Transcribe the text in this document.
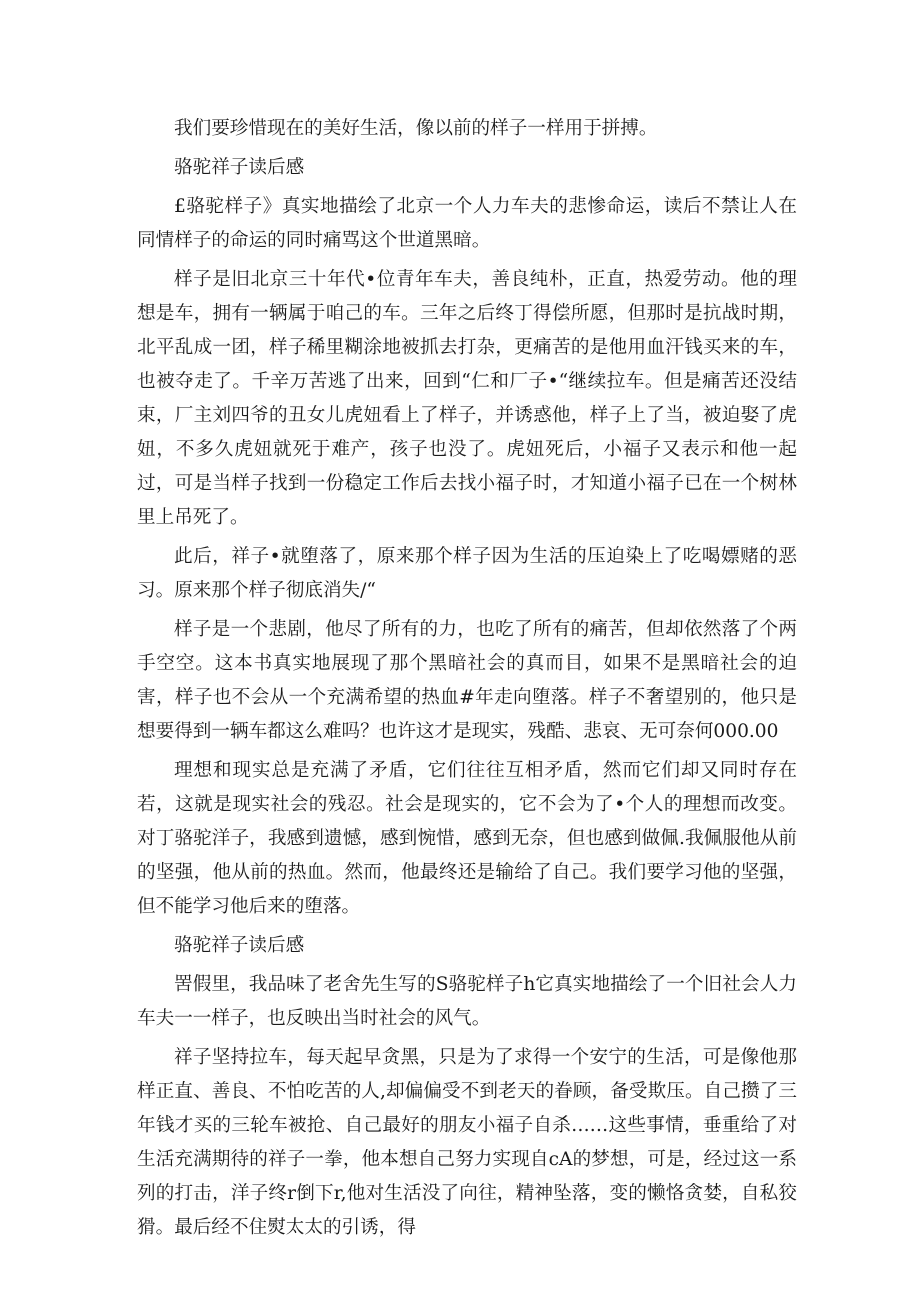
我们要珍惜现在的美好生活，像以前的样子一样用于拼搏。

骆驼祥子读后感

£骆驼样子》真实地描绘了北京一个人力车夫的悲惨命运，读后不禁让人在同情样子的命运的同时痛骂这个世道黑暗。

样子是旧北京三十年代•位青年车夫，善良纯朴，正直，热爱劳动。他的理想是车，拥有一辆属于咱己的车。三年之后终丁得偿所愿，但那时是抗战时期，北平乱成一团，样子稀里糊涂地被抓去打杂，更痛苦的是他用血汗钱买来的车，也被夺走了。千辛万苦逃了出来，回到“仁和厂子•“继续拉车。但是痛苦还没结束，厂主刘四爷的丑女儿虎妞看上了样子，并诱惑他，样子上了当，被迫娶了虎妞，不多久虎妞就死于难产，孩子也没了。虎妞死后，小福子又表示和他一起过，可是当样子找到一份稳定工作后去找小福子时，才知道小福子已在一个树林里上吊死了。

此后，祥子•就堕落了，原来那个样子因为生活的压迫染上了吃喝嫖赌的恶习。原来那个样子彻底消失/“

样子是一个悲剧，他尽了所有的力，也吃了所有的痛苦，但却依然落了个两手空空。这本书真实地展现了那个黑暗社会的真而目，如果不是黑暗社会的迫害，样子也不会从一个充满希望的热血#年走向堕落。样子不奢望别的，他只是想要得到一辆车都这么难吗？也许这才是现实，残酷、悲哀、无可奈何000.00

理想和现实总是充满了矛盾，它们往往互相矛盾，然而它们却又同时存在若，这就是现实社会的残忍。社会是现实的，它不会为了•个人的理想而改变。对丁骆驼洋子，我感到遗憾，感到惋惜，感到无奈，但也感到做佩.我佩服他从前的坚强，他从前的热血。然而，他最终还是输给了自己。我们要学习他的坚强，但不能学习他后来的堕落。

骆驼祥子读后感

罟假里，我品味了老舍先生写的S骆驼样子h它真实地描绘了一个旧社会人力车夫一一样子，也反映出当时社会的风气。

祥子坚持拉车，每天起早贪黑，只是为了求得一个安宁的生活，可是像他那样正直、善良、不怕吃苦的人,却偏偏受不到老天的眷顾，备受欺压。自己攒了三年钱才买的三轮车被抢、自己最好的朋友小福子自杀……这些事情，垂重给了对生活充满期待的祥子一拳，他本想自己努力实现自cA的梦想，可是，经过这一系列的打击，洋子终r倒下r,他对生活没了向往，精神坠落，变的懒恪贪婪，自私狡猾。最后经不住熨太太的引诱，得
